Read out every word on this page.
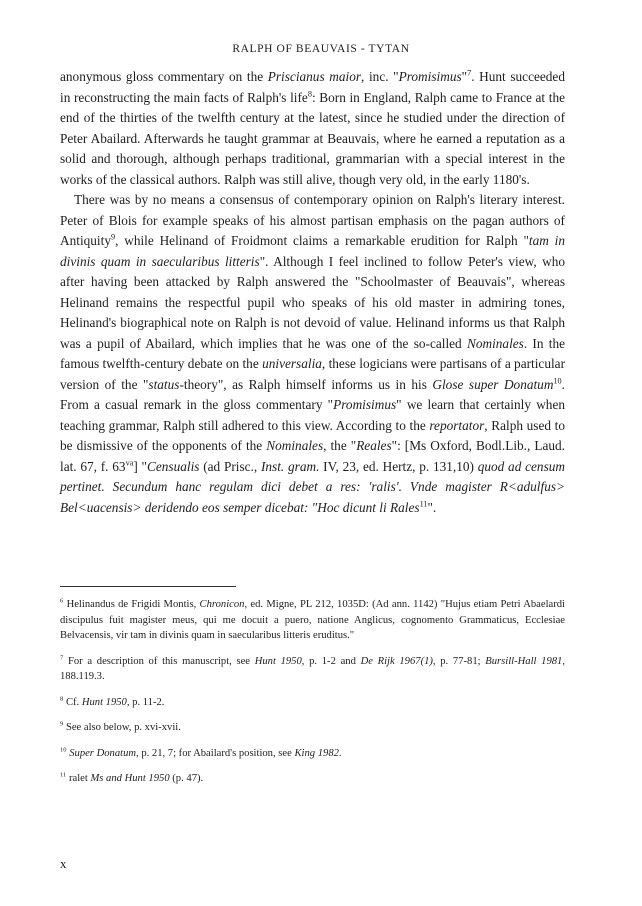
RALPH OF BEAUVAIS - TYTAN

anonymous gloss commentary on the Priscianus maior, inc. "Promisimus"$^7$. Hunt succeeded in reconstructing the main facts of Ralph's life$^8$: Born in England, Ralph came to France at the end of the thirties of the twelfth century at the latest, since he studied under the direction of Peter Abailard. Afterwards he taught grammar at Beauvais, where he earned a reputation as a solid and thorough, although perhaps traditional, grammarian with a special interest in the works of the classical authors. Ralph was still alive, though very old, in the early 1180's.

There was by no means a consensus of contemporary opinion on Ralph's literary interest. Peter of Blois for example speaks of his almost partisan emphasis on the pagan authors of Antiquity$^9$, while Helinand of Froidmont claims a remarkable erudition for Ralph "tam in divinis quam in saecularibus litteris". Although I feel inclined to follow Peter's view, who after having been attacked by Ralph answered the "Schoolmaster of Beauvais", whereas Helinand remains the respectful pupil who speaks of his old master in admiring tones, Helinand's biographical note on Ralph is not devoid of value. Helinand informs us that Ralph was a pupil of Abailard, which implies that he was one of the so-called Nominales. In the famous twelfth-century debate on the universalia, these logicians were partisans of a particular version of the "status-theory", as Ralph himself informs us in his Glose super Donatum$^{10}$. From a casual remark in the gloss commentary "Promisimus" we learn that certainly when teaching grammar, Ralph still adhered to this view. According to the reportator, Ralph used to be dismissive of the opponents of the Nominales, the "Reales": [Ms Oxford, Bodl.Lib., Laud. lat. 67, f. $63^{va}$] "Censualis (ad Prisc., Inst. gram. IV, 23, ed. Hertz, p. 131,10) quod ad censum pertinet. Secundum hanc regulam dici debet a res: 'ralis'. Vnde magister R<adulfus> Bel<uacensis> deridendo eos semper dicebat: "Hoc dicunt li Rales$^{11}$".

$^6$ Helinandus de Frigidi Montis, Chronicon, ed. Migne, PL 212, 1035D: (Ad ann. 1142) "Hujus etiam Petri Abaelardi discipulus fuit magister meus, qui me docuit a puero, natione Anglicus, cognomento Grammaticus, Ecclesiae Belvacensis, vir tam in divinis quam in saecularibus litteris eruditus."
$^7$ For a description of this manuscript, see Hunt 1950, p. 1-2 and De Rijk 1967(1), p. 77-81; Bursill-Hall 1981, 188.119.3.
$^8$ Cf. Hunt 1950, p. 11-2.
$^9$ See also below, p. xvi-xvii.
$^{10}$ Super Donatum, p. 21, 7; for Abailard's position, see King 1982.
$^{11}$ ralet Ms and Hunt 1950 (p. 47).
x
